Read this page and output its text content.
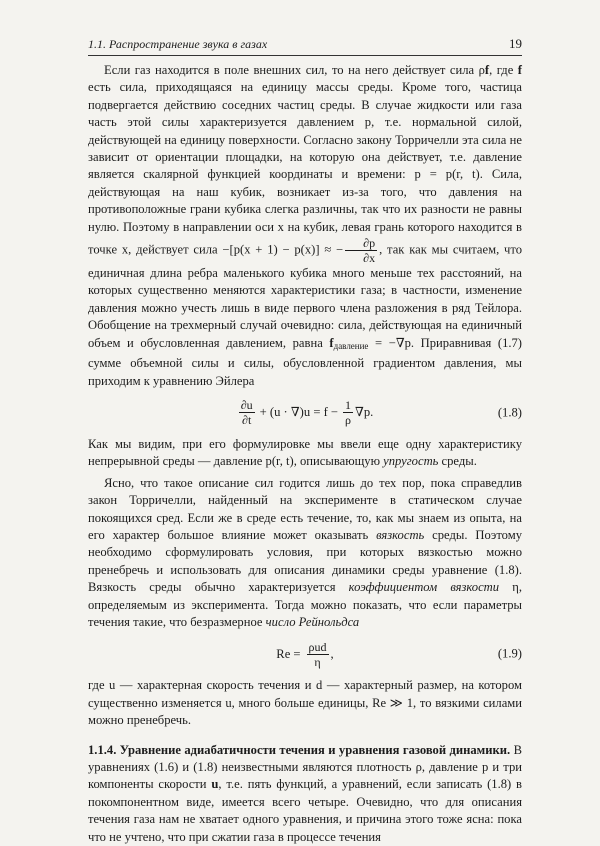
1.1. Распространение звука в газах	19

Если газ находится в поле внешних сил, то на него действует сила ρf, где f есть сила, приходящаяся на единицу массы среды. Кроме того, частица подвергается действию соседних частиц среды. В случае жидкости или газа часть этой силы характеризуется давлением p, т.е. нормальной силой, действующей на единицу поверхности. Согласно закону Торричелли эта сила не зависит от ориентации площадки, на которую она действует, т.е. давление является скалярной функцией координаты и времени: p = p(r, t). Сила, действующая на наш кубик, возникает из-за того, что давления на противоположные грани кубика слегка различны, так что их разности не равны нулю. Поэтому в направлении оси x на кубик, левая грань которого находится в точке x, действует сила −[p(x + 1) − p(x)] ≈ − $\frac{\partial p}{\partial x}$ , так как мы считаем, что единичная длина ребра маленького кубика много меньше тех расстояний, на которых существенно меняются характеристики газа; в частности, изменение давления можно учесть лишь в виде первого члена разложения в ряд Тейлора. Обобщение на трехмерный случай очевидно: сила, действующая на единичный объем и обусловленная давлением, равна $f_{давление} = -\nabla p$. Приравнивая (1.7) сумме объемной силы и силы, обусловленной градиентом давления, мы приходим к уравнению Эйлера

$\frac{\partial u}{\partial t} + (u \cdot \nabla)u = f - \frac{1}{\rho} \nabla p$.	(1.8)

Как мы видим, при его формулировке мы ввели еще одну характеристику непрерывной среды — давление p(r, t), описывающую упругость среды.

Ясно, что такое описание сил годится лишь до тех пор, пока справедлив закон Торричелли, найденный на эксперименте в статическом случае покоящихся сред. Если же в среде есть течение, то, как мы знаем из опыта, на его характер большое влияние может оказывать вязкость среды. Поэтому необходимо сформулировать условия, при которых вязкостью можно пренебречь и использовать для описания динамики среды уравнение (1.8). Вязкость среды обычно характеризуется коэффициентом вязкости η, определяемым из эксперимента. Тогда можно показать, что если параметры течения такие, что безразмерное число Рейнольдса

$Re = \frac{\text{ρud}}{\eta}$ ,	(1.9)

где u — характерная скорость течения и d — характерный размер, на котором существенно изменяется u, много больше единицы, Re ≫ 1, то вязкими силами можно пренебречь.

1.1.4. Уравнение адиабатичности течения и уравнения газовой динамики. В уравнениях (1.6) и (1.8) неизвестными являются плотность ρ, давление p и три компоненты скорости u, т.е. пять функций, а уравнений, если записать (1.8) в покомпонентном виде, имеется всего четыре. Очевидно, что для описания течения газа нам не хватает одного уравнения, и причина этого тоже ясна: пока что не учтено, что при сжатии газа в процессе течения
